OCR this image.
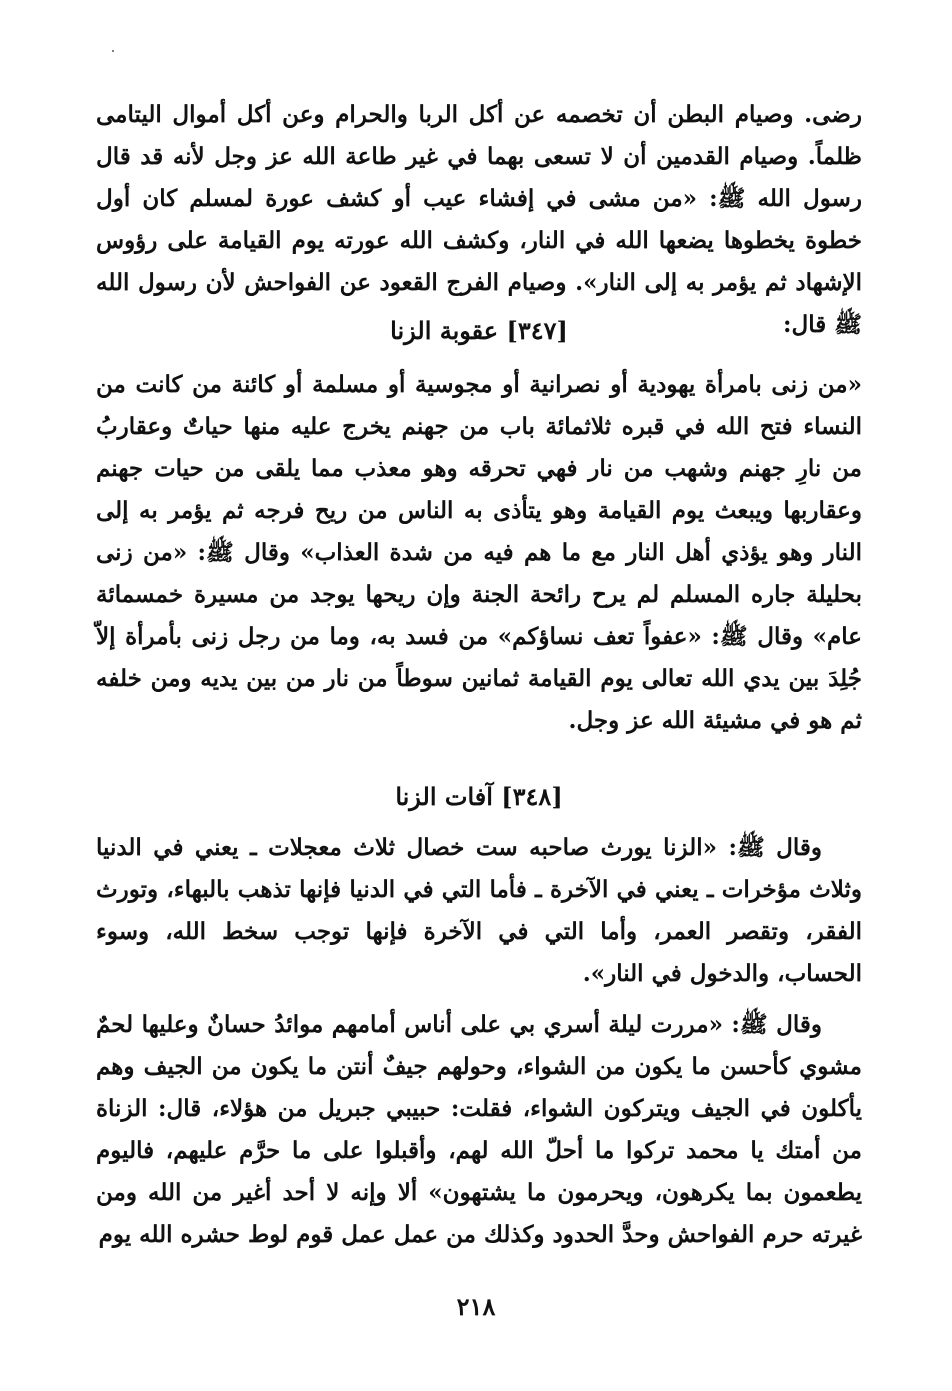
رضى. وصيام البطن أن تخصمه عن أكل الربا والحرام وعن أكل أموال اليتامى ظلماً. وصيام القدمين أن لا تسعى بهما في غير طاعة الله عز وجل لأنه قد قال رسول الله ﷺ: «من مشى في إفشاء عيب أو كشف عورة لمسلم كان أول خطوة يخطوها يضعها الله في النار، وكشف الله عورته يوم القيامة على رؤوس الإشهاد ثم يؤمر به إلى النار». وصيام الفرج القعود عن الفواحش لأن رسول الله ﷺ قال:

[٣٤٧] عقوبة الزنا

«من زنى بامرأة يهودية أو نصرانية أو مجوسية أو مسلمة أو كائنة من كانت من النساء فتح الله في قبره ثلاثمائة باب من جهنم يخرج عليه منها حياتٌ وعقاربُ من نارِ جهنم وشهب من نار فهي تحرقه وهو معذب مما يلقى من حيات جهنم وعقاربها ويبعث يوم القيامة وهو يتأذى به الناس من ريح فرجه ثم يؤمر به إلى النار وهو يؤذي أهل النار مع ما هم فيه من شدة العذاب» وقال ﷺ: «من زنى بحليلة جاره المسلم لم يرح رائحة الجنة وإن ريحها يوجد من مسيرة خمسمائة عام» وقال ﷺ: «عفواً تعف نساؤكم» من فسد به، وما من رجل زنى بأمرأة إلاّ جُلِدَ بين يدي الله تعالى يوم القيامة ثمانين سوطاً من نار من بين يديه ومن خلفه ثم هو في مشيئة الله عز وجل.

[٣٤٨] آفات الزنا

وقال ﷺ: «الزنا يورث صاحبه ست خصال ثلاث معجلات ـ يعني في الدنيا وثلاث مؤخرات ـ يعني في الآخرة ـ فأما التي في الدنيا فإنها تذهب بالبهاء، وتورث الفقر، وتقصر العمر، وأما التي في الآخرة فإنها توجب سخط الله، وسوء الحساب، والدخول في النار».

وقال ﷺ: «مررت ليلة أسري بي على أناس أمامهم موائدُ حسانٌ وعليها لحمٌ مشوي كأحسن ما يكون من الشواء، وحولهم جيفٌ أنتن ما يكون من الجيف وهم يأكلون في الجيف ويتركون الشواء، فقلت: حبيبي جبريل من هؤلاء، قال: الزناة من أمتك يا محمد تركوا ما أحلّ الله لهم، وأقبلوا على ما حرَّم عليهم، فاليوم يطعمون بما يكرهون، ويحرمون ما يشتهون» ألا وإنه لا أحد أغير من الله ومن غيرته حرم الفواحش وحدَّ الحدود وكذلك من عمل عمل قوم لوط حشره الله يوم

٢١٨
